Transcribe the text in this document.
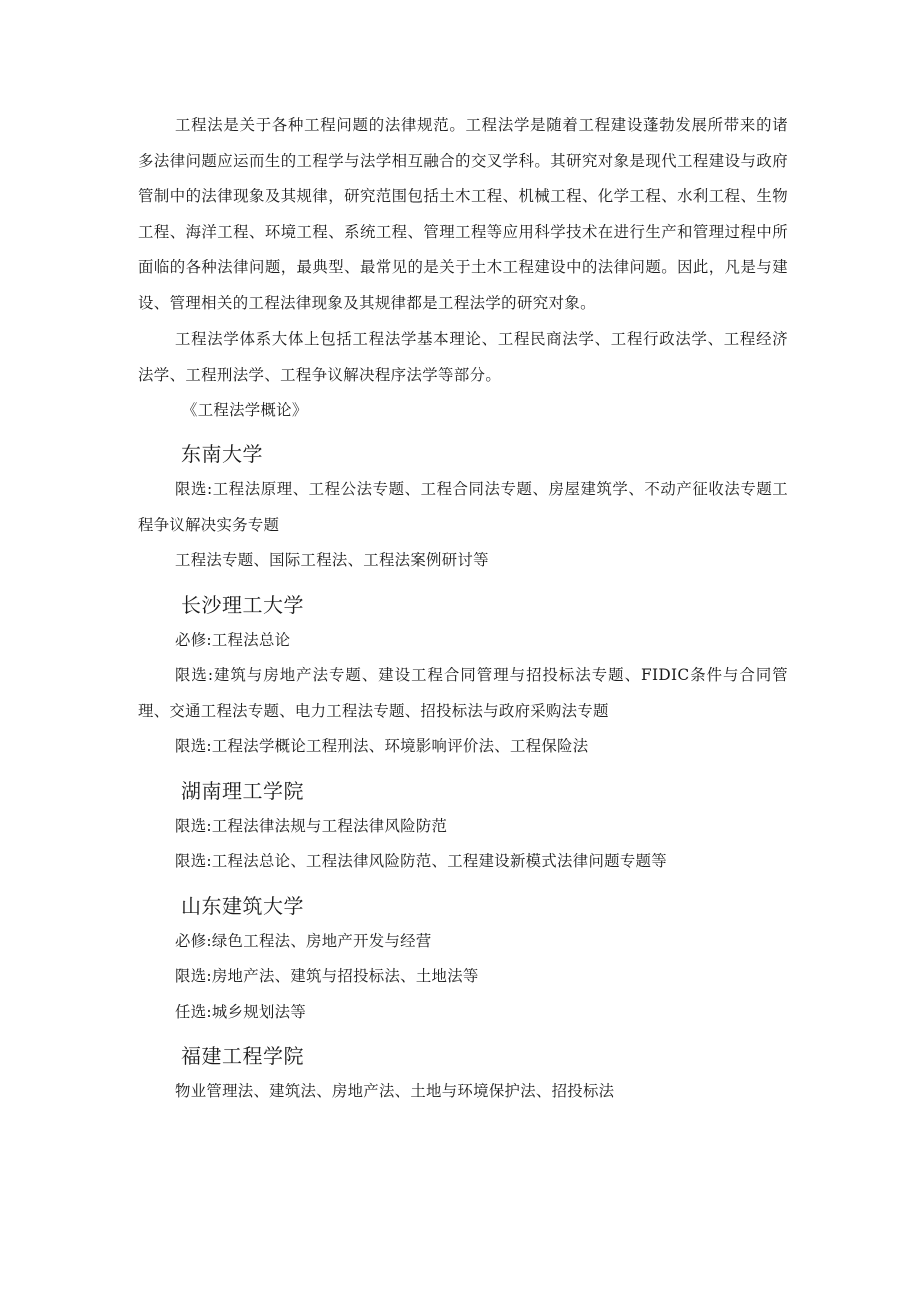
工程法是关于各种工程问题的法律规范。工程法学是随着工程建设蓬勃发展所带来的诸多法律问题应运而生的工程学与法学相互融合的交叉学科。其研究对象是现代工程建设与政府管制中的法律现象及其规律，研究范围包括土木工程、机械工程、化学工程、水利工程、生物工程、海洋工程、环境工程、系统工程、管理工程等应用科学技术在进行生产和管理过程中所面临的各种法律问题，最典型、最常见的是关于土木工程建设中的法律问题。因此，凡是与建设、管理相关的工程法律现象及其规律都是工程法学的研究对象。

工程法学体系大体上包括工程法学基本理论、工程民商法学、工程行政法学、工程经济法学、工程刑法学、工程争议解决程序法学等部分。

《工程法学概论》

东南大学

限选:工程法原理、工程公法专题、工程合同法专题、房屋建筑学、不动产征收法专题工程争议解决实务专题

工程法专题、国际工程法、工程法案例研讨等

长沙理工大学

必修:工程法总论

限选:建筑与房地产法专题、建设工程合同管理与招投标法专题、FIDIC条件与合同管理、交通工程法专题、电力工程法专题、招投标法与政府采购法专题

限选:工程法学概论工程刑法、环境影响评价法、工程保险法

湖南理工学院

限选:工程法律法规与工程法律风险防范

限选:工程法总论、工程法律风险防范、工程建设新模式法律问题专题等

山东建筑大学

必修:绿色工程法、房地产开发与经营

限选:房地产法、建筑与招投标法、土地法等

任选:城乡规划法等

福建工程学院

物业管理法、建筑法、房地产法、土地与环境保护法、招投标法
